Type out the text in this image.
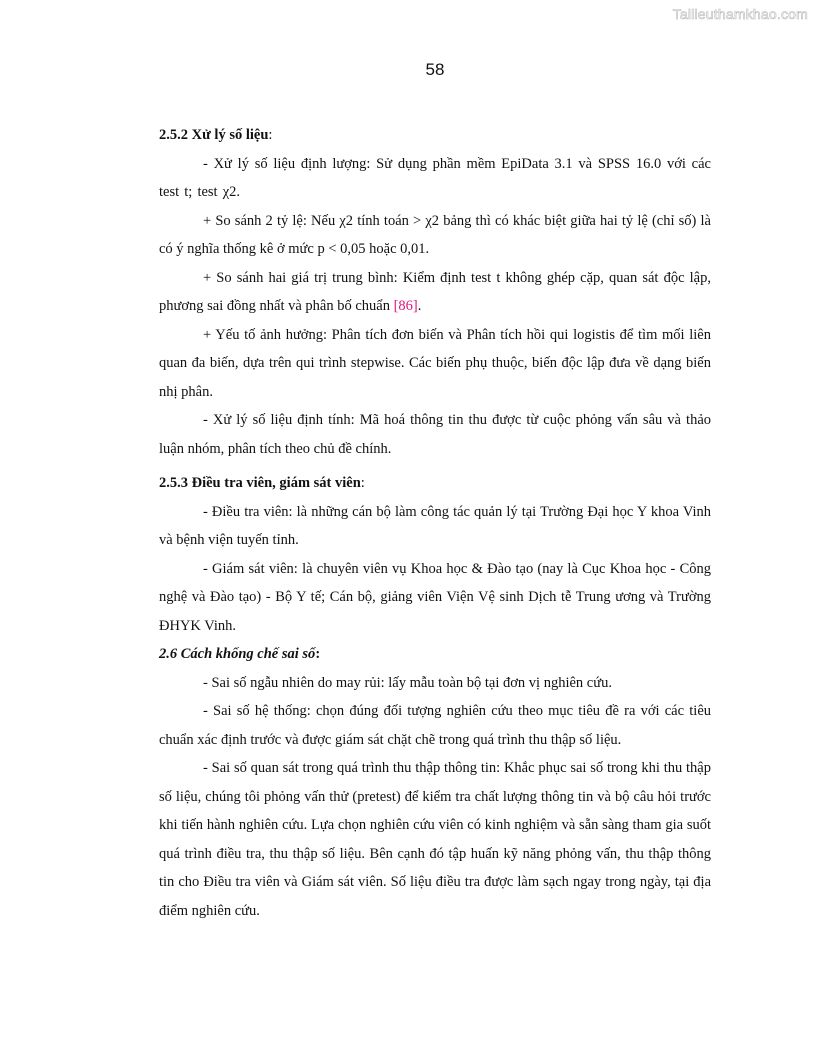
Tailieuthamkhao.com
58
2.5.2 Xử lý số liệu:

- Xử lý số liệu định lượng: Sử dụng phần mềm EpiData 3.1 và SPSS 16.0 với các test t; test χ2.

+ So sánh 2 tỷ lệ: Nếu χ2 tính toán > χ2 bảng thì có khác biệt giữa hai tỷ lệ (chỉ số) là có ý nghĩa thống kê ở mức p < 0,05 hoặc 0,01.

+ So sánh hai giá trị trung bình: Kiểm định test t không ghép cặp, quan sát độc lập, phương sai đồng nhất và phân bố chuẩn [86].

+ Yếu tố ảnh hưởng: Phân tích đơn biến và Phân tích hồi qui logistis để tìm mối liên quan đa biến, dựa trên qui trình stepwise. Các biến phụ thuộc, biến độc lập đưa về dạng biến nhị phân.

- Xử lý số liệu định tính: Mã hoá thông tin thu được từ cuộc phỏng vấn sâu và thảo luận nhóm, phân tích theo chủ đề chính.

2.5.3 Điều tra viên, giám sát viên:

- Điều tra viên: là những cán bộ làm công tác quản lý tại Trường Đại học Y khoa Vinh và bệnh viện tuyến tỉnh.

- Giám sát viên: là chuyên viên vụ Khoa học & Đào tạo (nay là Cục Khoa học - Công nghệ và Đào tạo) - Bộ Y tế; Cán bộ, giảng viên Viện Vệ sinh Dịch tễ Trung ương và Trường ĐHYK Vinh.

2.6 Cách khống chế sai số:

- Sai số ngẫu nhiên do may rủi: lấy mẫu toàn bộ tại đơn vị nghiên cứu.

- Sai số hệ thống: chọn đúng đối tượng nghiên cứu theo mục tiêu đề ra với các tiêu chuẩn xác định trước và được giám sát chặt chẽ trong quá trình thu thập số liệu.

- Sai số quan sát trong quá trình thu thập thông tin: Khắc phục sai số trong khi thu thập số liệu, chúng tôi phỏng vấn thử (pretest) để kiểm tra chất lượng thông tin và bộ câu hỏi trước khi tiến hành nghiên cứu. Lựa chọn nghiên cứu viên có kinh nghiệm và sẵn sàng tham gia suốt quá trình điều tra, thu thập số liệu. Bên cạnh đó tập huấn kỹ năng phỏng vấn, thu thập thông tin cho Điều tra viên và Giám sát viên. Số liệu điều tra được làm sạch ngay trong ngày, tại địa điểm nghiên cứu.
